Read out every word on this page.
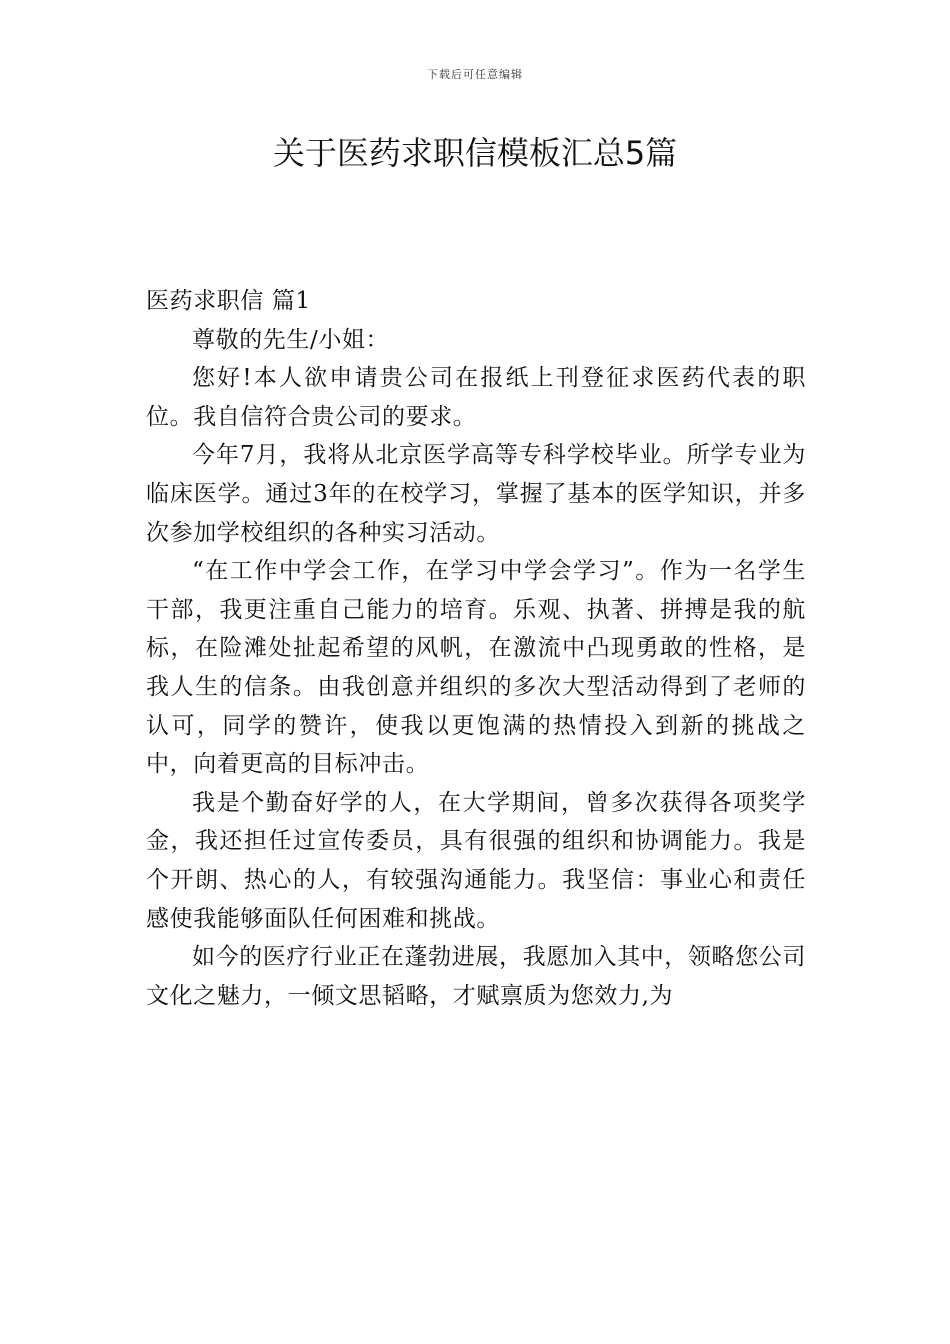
下载后可任意编辑
关于医药求职信模板汇总5篇
医药求职信 篇1
尊敬的先生/小姐：

您好!本人欲申请贵公司在报纸上刊登征求医药代表的职位。我自信符合贵公司的要求。

今年7月，我将从北京医学高等专科学校毕业。所学专业为临床医学。通过3年的在校学习，掌握了基本的医学知识，并多次参加学校组织的各种实习活动。

“在工作中学会工作，在学习中学会学习”。作为一名学生干部，我更注重自己能力的培育。乐观、执著、拼搏是我的航标，在险滩处扯起希望的风帆，在激流中凸现勇敢的性格，是我人生的信条。由我创意并组织的多次大型活动得到了老师的认可，同学的赞许，使我以更饱满的热情投入到新的挑战之中，向着更高的目标冲击。

我是个勤奋好学的人，在大学期间，曾多次获得各项奖学金，我还担任过宣传委员，具有很强的组织和协调能力。我是个开朗、热心的人，有较强沟通能力。我坚信：事业心和责任感使我能够面队任何困难和挑战。

如今的医疗行业正在蓬勃进展，我愿加入其中，领略您公司文化之魅力，一倾文思韬略，才赋禀质为您效力,为
